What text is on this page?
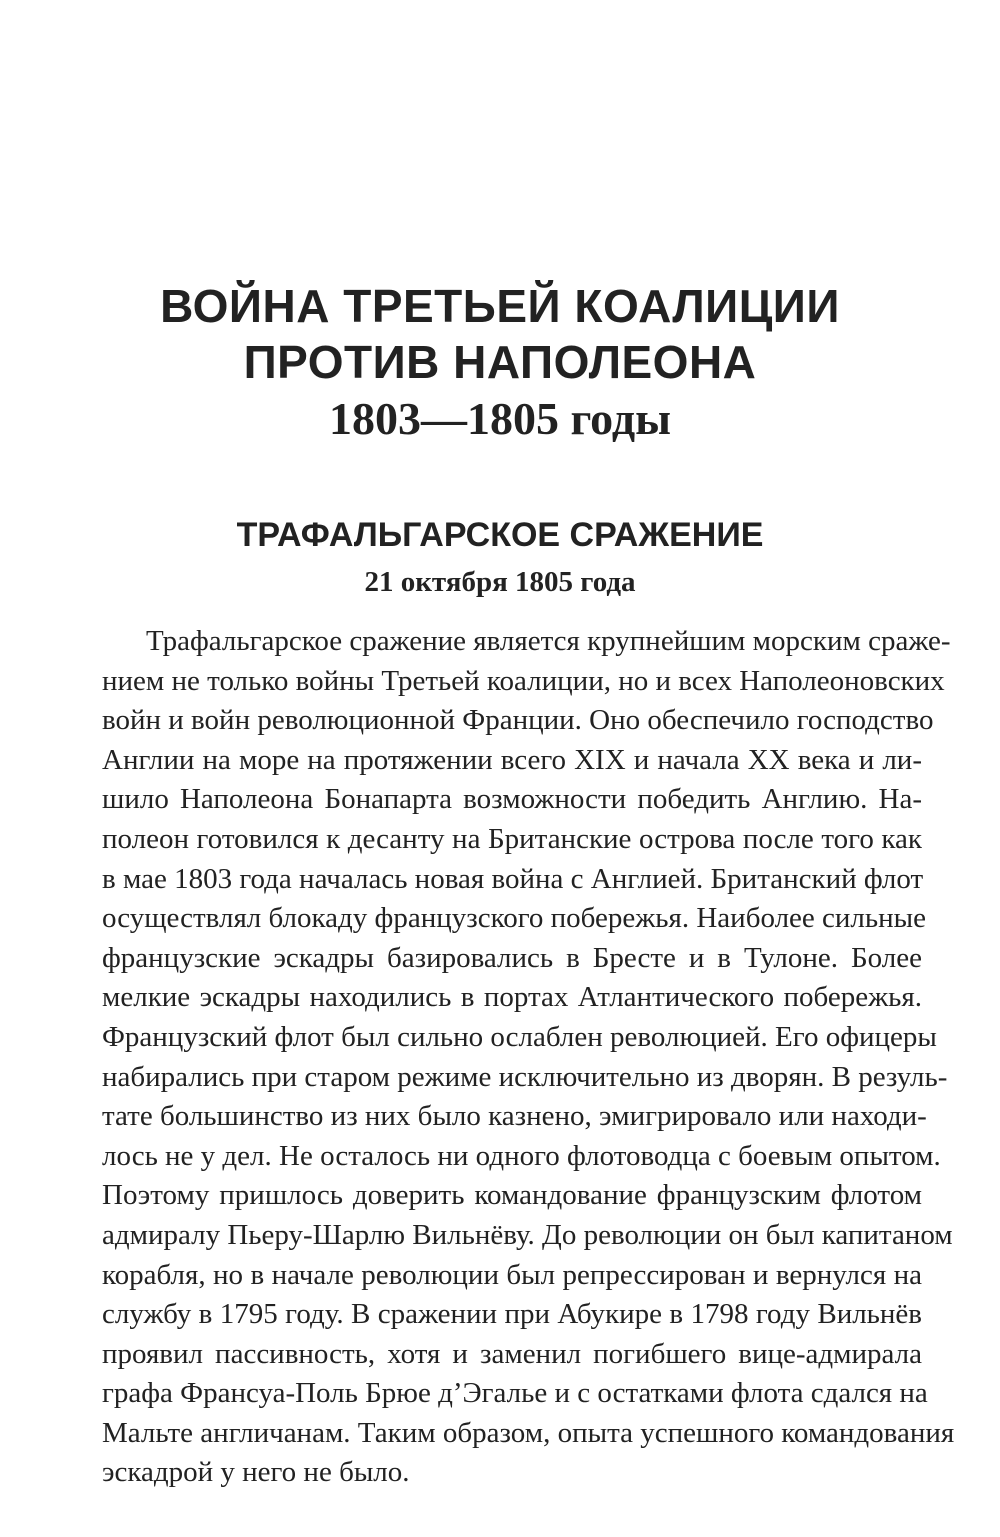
ВОЙНА ТРЕТЬЕЙ КОАЛИЦИИ
ПРОТИВ НАПОЛЕОНА
1803—1805 годы
ТРАФАЛЬГАРСКОЕ СРАЖЕНИЕ
21 октября 1805 года
Трафальгарское сражение является крупнейшим морским сраже-
нием не только войны Третьей коалиции, но и всех Наполеоновских
войн и войн революционной Франции. Оно обеспечило господство
Англии на море на протяжении всего XIX и начала XX века и ли-
шило Наполеона Бонапарта возможности победить Англию. На-
полеон готовился к десанту на Британские острова после того как
в мае 1803 года началась новая война с Англией. Британский флот
осуществлял блокаду французского побережья. Наиболее сильные
французские эскадры базировались в Бресте и в Тулоне. Более
мелкие эскадры находились в портах Атлантического побережья.
Французский флот был сильно ослаблен революцией. Его офицеры
набирались при старом режиме исключительно из дворян. В резуль-
тате большинство из них было казнено, эмигрировало или находи-
лось не у дел. Не осталось ни одного флотоводца с боевым опытом.
Поэтому пришлось доверить командование французским флотом
адмиралу Пьеру-Шарлю Вильнёву. До революции он был капитаном
корабля, но в начале революции был репрессирован и вернулся на
службу в 1795 году. В сражении при Абукире в 1798 году Вильнёв
проявил пассивность, хотя и заменил погибшего вице-адмирала
графа Франсуа-Поль Брюе д’Эгалье и с остатками флота сдался на
Мальте англичанам. Таким образом, опыта успешного командования
эскадрой у него не было.
